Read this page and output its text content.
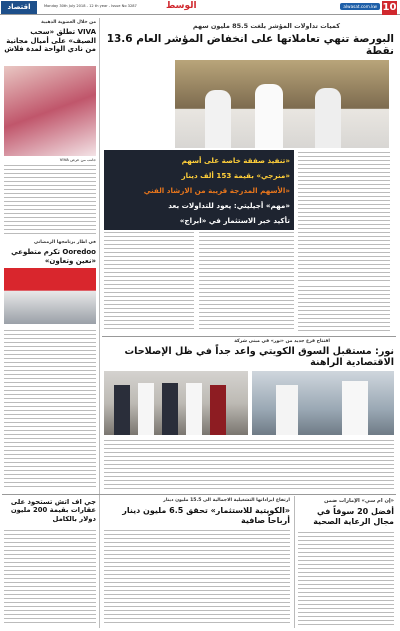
10
alwasat.com.kw
الوسط
Monday 30th July 2018 - 12 th year - Issue No 3287
اقتصاد
كميات تداولات المؤشر بلغت 85.5 مليون سهم
البورصة تنهي تعاملاتها على انخفاض المؤشر العام 13.6 نقطة
«تنفيذ صفقة خاصة على أسهم
«منرجي» بقيمة 153 ألف دينار
«الأسهم المدرجة قريبة من الارشاد الفني
«مهم» أجيليتي: يعود للتداولات بعد
تأكيد خبر الاستثمار في «ابراج»
من خلال العضوية الذهبية
VIVA تطلق «سحب الصيف» على أميال مجانية من نادي الواحة لمدة فلاش
جانب من عرض VIVA
في اطار برنامجها الرمضاني
Ooredoo تكرم متطوعي «نعين وتعاون»
افتتاح فرع جديد من «نور» في مبنى شركة
نور: مستقبل السوق الكويتي واعد جداً في ظل الإصلاحات الاقتصادية الراهنة
جي اف اتش تستحوذ على عقارات بقيمة 200 مليون دولار بالكامل
ارتفاع ايراداتها التشغيلية الاجمالية الى 15.5 مليون دينار
«الكويتية للاستثمار» تحقق 6.5 مليون دينار أرباحاً صافية
«إن ام سي» الإمارات ضمن
أفضل 20 سوقاً في مجال الرعاية الصحية
